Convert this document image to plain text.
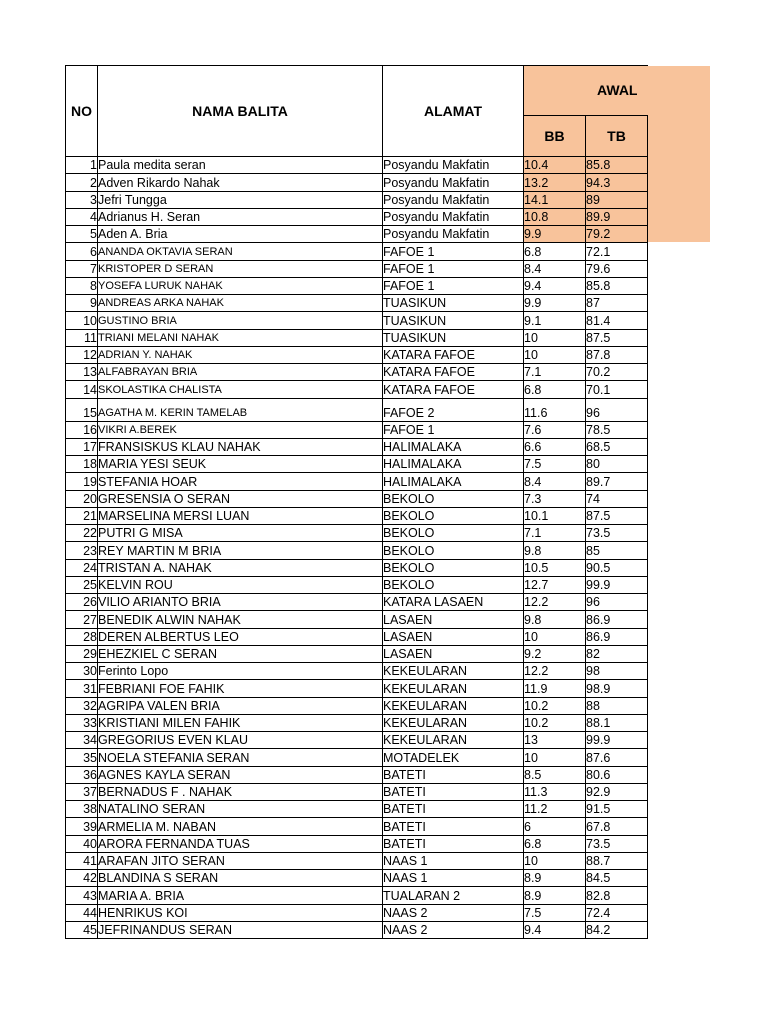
NO	NAMA BALITA	ALAMAT	AWAL	
			BB	TB
1	Paula medita seran	Posyandu Makfatin	10.4	85.8
2	Adven Rikardo Nahak	Posyandu Makfatin	13.2	94.3
3	Jefri Tungga	Posyandu Makfatin	14.1	89
4	Adrianus H. Seran	Posyandu Makfatin	10.8	89.9
5	Aden A. Bria	Posyandu Makfatin	9.9	79.2
6	ANANDA OKTAVIA SERAN	FAFOE 1	6.8	72.1
7	KRISTOPER D SERAN	FAFOE 1	8.4	79.6
8	YOSEFA LURUK NAHAK	FAFOE 1	9.4	85.8
9	ANDREAS ARKA NAHAK	TUASIKUN	9.9	87
10	GUSTINO BRIA	TUASIKUN	9.1	81.4
11	TRIANI MELANI NAHAK	TUASIKUN	10	87.5
12	ADRIAN Y. NAHAK	KATARA FAFOE	10	87.8
13	ALFABRAYAN BRIA	KATARA FAFOE	7.1	70.2
14	SKOLASTIKA CHALISTA	KATARA FAFOE	6.8	70.1
15	AGATHA M. KERIN TAMELAB	FAFOE 2	11.6	96
16	VIKRI A.BEREK	FAFOE 1	7.6	78.5
17	FRANSISKUS KLAU NAHAK	HALIMALAKA	6.6	68.5
18	MARIA YESI SEUK	HALIMALAKA	7.5	80
19	STEFANIA HOAR	HALIMALAKA	8.4	89.7
20	GRESENSIA O SERAN	BEKOLO	7.3	74
21	MARSELINA MERSI LUAN	BEKOLO	10.1	87.5
22	PUTRI G MISA	BEKOLO	7.1	73.5
23	REY MARTIN M BRIA	BEKOLO	9.8	85
24	TRISTAN A. NAHAK	BEKOLO	10.5	90.5
25	KELVIN ROU	BEKOLO	12.7	99.9
26	VILIO ARIANTO BRIA	KATARA LASAEN	12.2	96
27	BENEDIK ALWIN NAHAK	LASAEN	9.8	86.9
28	DEREN ALBERTUS LEO	LASAEN	10	86.9
29	EHEZKIEL C SERAN	LASAEN	9.2	82
30	Ferinto Lopo	KEKEULARAN	12.2	98
31	FEBRIANI FOE FAHIK	KEKEULARAN	11.9	98.9
32	AGRIPA VALEN BRIA	KEKEULARAN	10.2	88
33	KRISTIANI MILEN FAHIK	KEKEULARAN	10.2	88.1
34	GREGORIUS EVEN KLAU	KEKEULARAN	13	99.9
35	NOELA STEFANIA SERAN	MOTADELEK	10	87.6
36	AGNES KAYLA SERAN	BATETI	8.5	80.6
37	BERNADUS F . NAHAK	BATETI	11.3	92.9
38	NATALINO SERAN	BATETI	11.2	91.5
39	ARMELIA M. NABAN	BATETI	6	67.8
40	ARORA FERNANDA TUAS	BATETI	6.8	73.5
41	ARAFAN JITO SERAN	NAAS 1	10	88.7
42	BLANDINA S SERAN	NAAS 1	8.9	84.5
43	MARIA A. BRIA	TUALARAN 2	8.9	82.8
44	HENRIKUS KOI	NAAS 2	7.5	72.4
45	JEFRINANDUS SERAN	NAAS 2	9.4	84.2
